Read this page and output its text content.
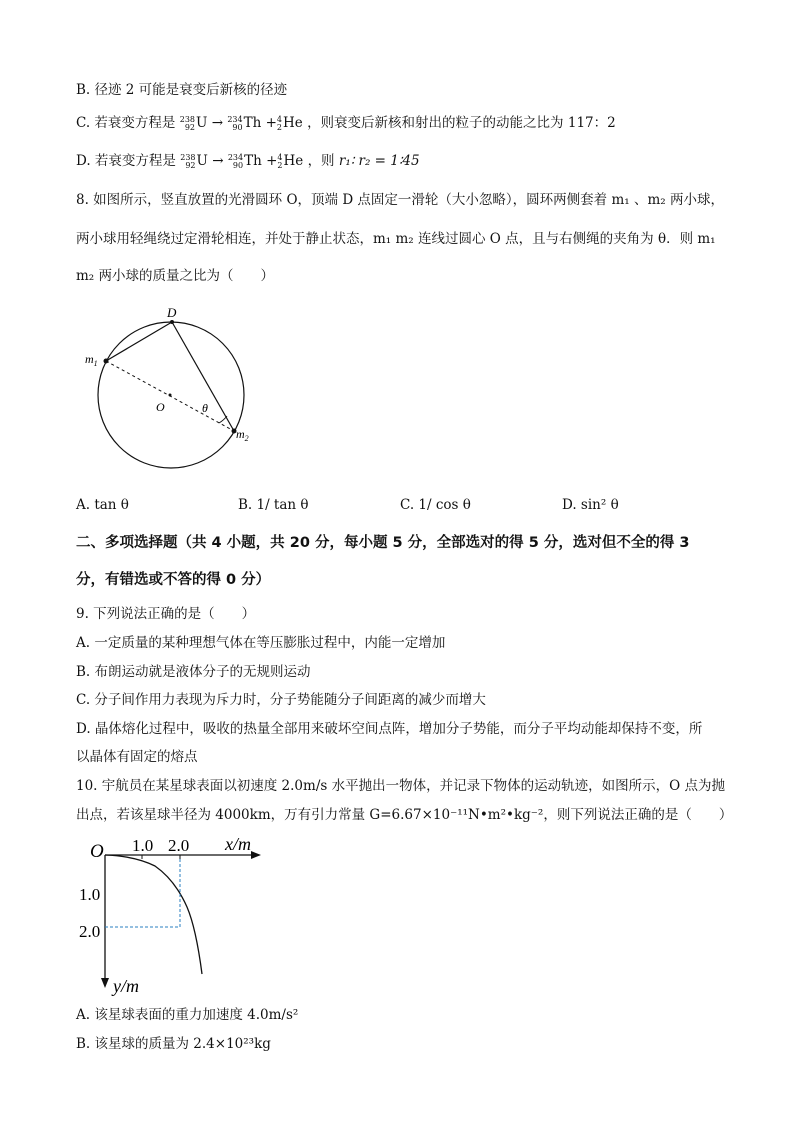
B. 径迹 2 可能是衰变后新核的径迹
C. 若衰变方程是 238
92 U → 234
90 Th + 4
2 He ，则衰变后新核和射出的粒子的动能之比为 117：2
D. 若衰变方程是 238
92 U → 234
90 Th + 4
2 He ，则 r₁∶ r₂ = 1∶45
8. 如图所示，竖直放置的光滑圆环 O，顶端 D 点固定一滑轮（大小忽略），圆环两侧套着 m₁ 、m₂ 两小球，
两小球用轻绳绕过定滑轮相连，并处于静止状态，m₁ m₂ 连线过圆心 O 点，且与右侧绳的夹角为 θ．则 m₁
m₂ 两小球的质量之比为（　　）
D
$m_1$
O	θ
$m_2$
A. tan θ	B. 1/ tan θ	C. 1/ cos θ	D. sin² θ
二、多项选择题（共 4 小题，共 20 分，每小题 5 分，全部选对的得 5 分，选对但不全的得 3
分，有错选或不答的得 0 分）
9. 下列说法正确的是（　　）
A. 一定质量的某种理想气体在等压膨胀过程中，内能一定增加
B. 布朗运动就是液体分子的无规则运动
C. 分子间作用力表现为斥力时，分子势能随分子间距离的减少而增大
D. 晶体熔化过程中，吸收的热量全部用来破坏空间点阵，增加分子势能，而分子平均动能却保持不变，所
以晶体有固定的熔点
10. 宇航员在某星球表面以初速度 2.0m/s 水平抛出一物体，并记录下物体的运动轨迹，如图所示，O 点为抛
出点，若该星球半径为 4000km，万有引力常量 G=6.67×10⁻¹¹N•m²•kg⁻²，则下列说法正确的是（　　）
O 1.0 2.0 x/m
1.0
2.0
y/m
A. 该星球表面的重力加速度 4.0m/s²
B. 该星球的质量为 2.4×10²³kg
